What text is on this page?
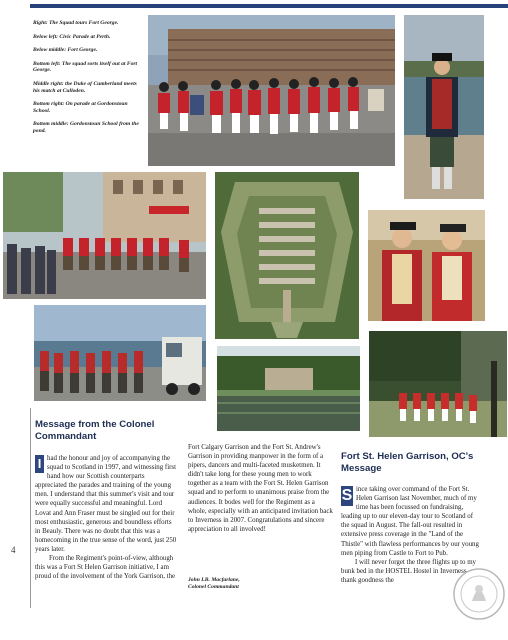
Right: The Squad tours Fort George.

Below left: Civic Parade at Perth.

Below middle: Fort George.

Bottom left: The squad sorts itself out at Fort George.

Middle right: the Duke of Cumberland meets his match at Culloden.

Bottom right: On parade at Gordonstoun School.

Bottom middle: Gordonstoun School from the pond.

4
Message from the Colonel Commandant

I had the honour and joy of accompanying the squad to Scotland in 1997, and witnessing first hand how our Scottish counterparts appreciated the parades and training of the young men. I understand that this summer's visit and tour were equally successful and meaningful. Lord Lovat and Ann Fraser must be singled out for their most enthusiastic, generous and boundless efforts in Beauly. There was no doubt that this was a homecoming in the true sense of the word, just 250 years later.

From the Regiment's point-of-view, although this was a Fort St Helen Garrison initiative, I am proud of the involvement of the York Garrison, the

Fort Calgary Garrison and the Fort St. Andrew's Garrison in providing manpower in the form of a pipers, dancers and multi-faceted musketmen. It didn't take long for these young men to work together as a team with the Fort St. Helen Garrison squad and to perform to unanimous praise from the audiences. It bodes well for the Regiment as a whole, especially with an anticipated invitation back to Inverness in 2007. Congratulations and sincere appreciation to all involved!

John I.B. Macfarlane,
Colonel Commandant
Fort St. Helen Garrison, OC's Message

S ince taking over command of the Fort St. Helen Garrison last November, much of my time has been focussed on fundraising, leading up to our eleven-day tour to Scotland of the squad in August. The fall-out resulted in extensive press coverage in the "Land of the Thistle" with flawless performances by our young men piping from Castle to Fort to Pub.

I will never forget the three flights up to my bunk bed in the HOSTEL Hostel in Inverness–thank goodness the
